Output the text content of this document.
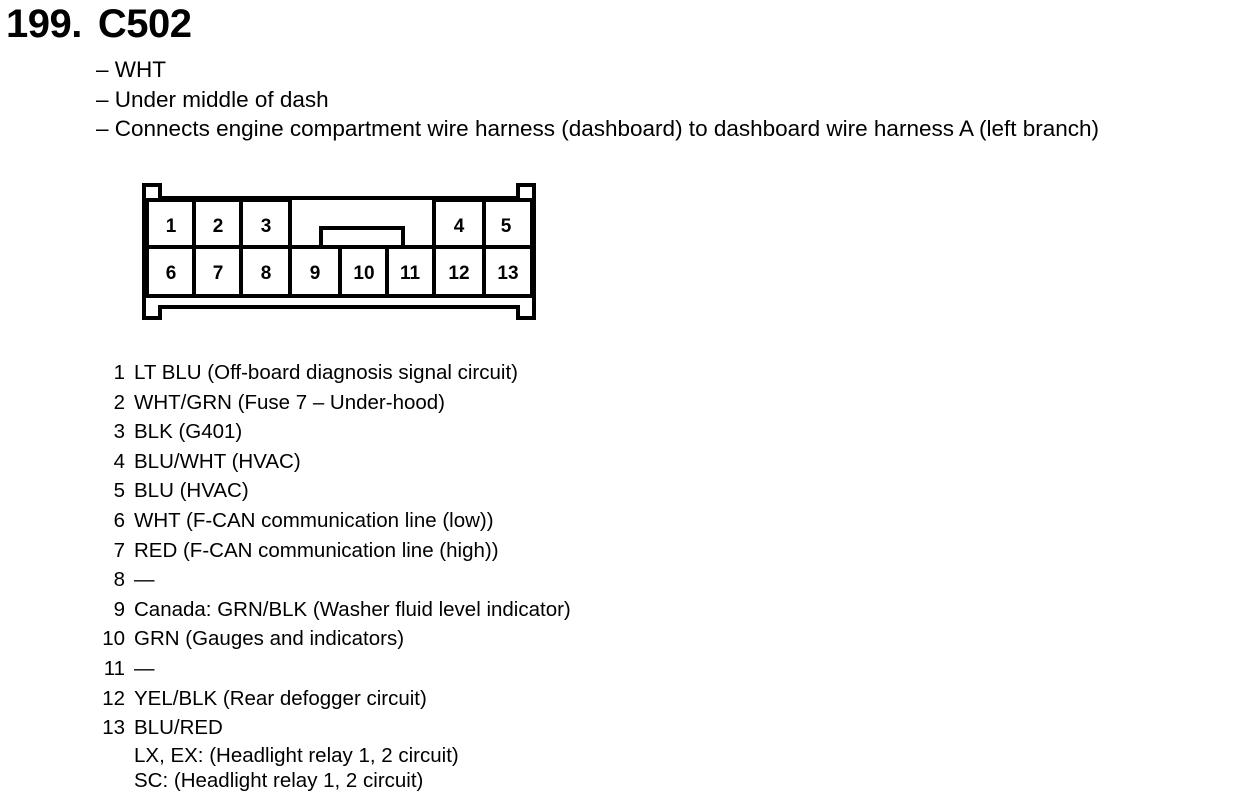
199. C502
– WHT
– Under middle of dash
– Connects engine compartment wire harness (dashboard) to dashboard wire harness A (left branch)
1 2 3	4 5
6 7 8 9 10 11 12 13
1 LT BLU (Off-board diagnosis signal circuit)
2 WHT/GRN (Fuse 7 – Under-hood)
3 BLK (G401)
4 BLU/WHT (HVAC)
5 BLU (HVAC)
6 WHT (F-CAN communication line (low))
7 RED (F-CAN communication line (high))
8 —
9 Canada: GRN/BLK (Washer fluid level indicator)
10 GRN (Gauges and indicators)
11 —
12 YEL/BLK (Rear defogger circuit)
13 BLU/RED
LX, EX: (Headlight relay 1, 2 circuit)
SC: (Headlight relay 1, 2 circuit)
